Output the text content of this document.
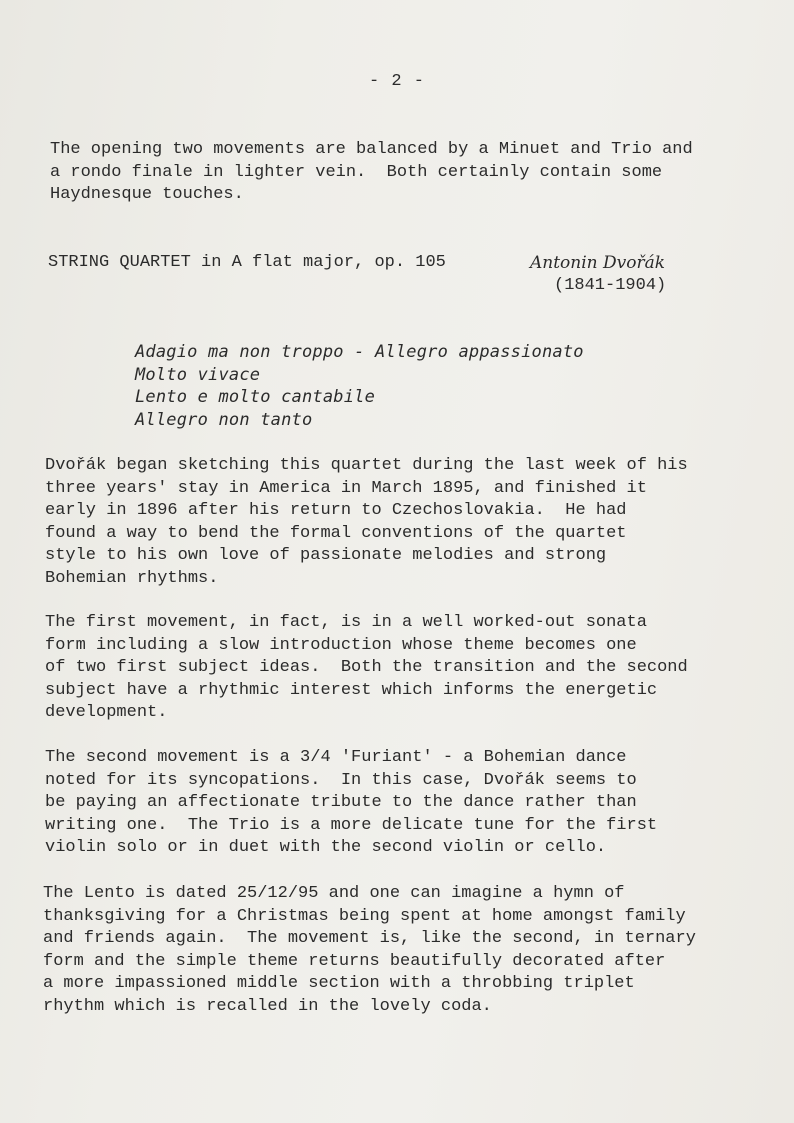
- 2 -

The opening two movements are balanced by a Minuet and Trio and
a rondo finale in lighter vein.  Both certainly contain some
Haydnesque touches.

STRING QUARTET in A flat major, op. 105	Antonin Dvořák
(1841-1904)
Adagio ma non troppo - Allegro appassionato
Molto vivace
Lento e molto cantabile
Allegro non tanto

Dvořák began sketching this quartet during the last week of his
three years' stay in America in March 1895, and finished it
early in 1896 after his return to Czechoslovakia.  He had
found a way to bend the formal conventions of the quartet
style to his own love of passionate melodies and strong
Bohemian rhythms.

The first movement, in fact, is in a well worked-out sonata
form including a slow introduction whose theme becomes one
of two first subject ideas.  Both the transition and the second
subject have a rhythmic interest which informs the energetic
development.

The second movement is a 3/4 'Furiant' - a Bohemian dance
noted for its syncopations.  In this case, Dvořák seems to
be paying an affectionate tribute to the dance rather than
writing one.  The Trio is a more delicate tune for the first
violin solo or in duet with the second violin or cello.

The Lento is dated 25/12/95 and one can imagine a hymn of
thanksgiving for a Christmas being spent at home amongst family
and friends again.  The movement is, like the second, in ternary
form and the simple theme returns beautifully decorated after
a more impassioned middle section with a throbbing triplet
rhythm which is recalled in the lovely coda.
